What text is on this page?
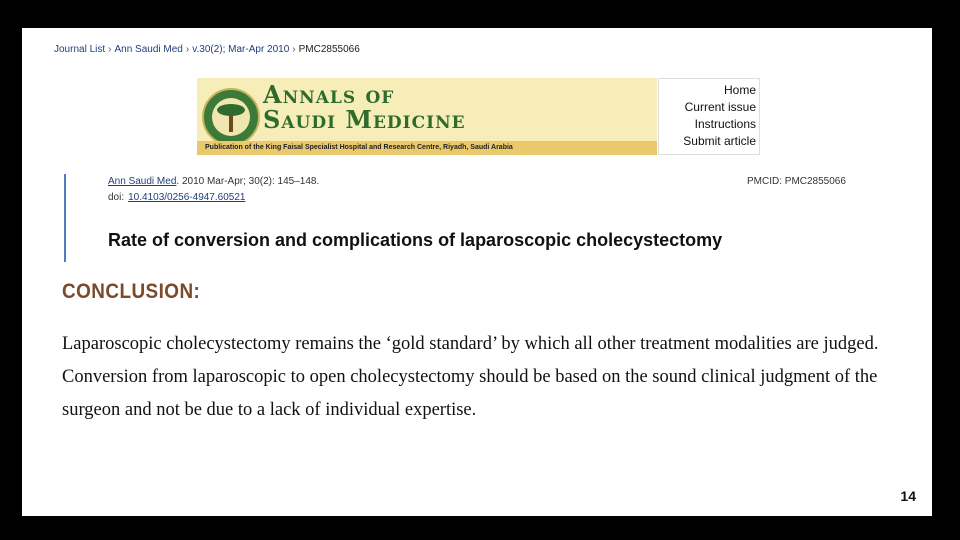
Journal List › Ann Saudi Med › v.30(2); Mar-Apr 2010 › PMC2855066
Annals of
Saudi Medicine
Publication of the King Faisal Specialist Hospital and Research Centre, Riyadh, Saudi Arabia
Home
Current issue
Instructions
Submit article
Ann Saudi Med. 2010 Mar-Apr; 30(2): 145–148.
doi: 10.4103/0256-4947.60521
PMCID: PMC2855066
Rate of conversion and complications of laparoscopic cholecystectomy
CONCLUSION:
Laparoscopic cholecystectomy remains the ‘gold standard’ by which all other treatment modalities are judged. Conversion from laparoscopic to open cholecystectomy should be based on the sound clinical judgment of the surgeon and not be due to a lack of individual expertise.
14
